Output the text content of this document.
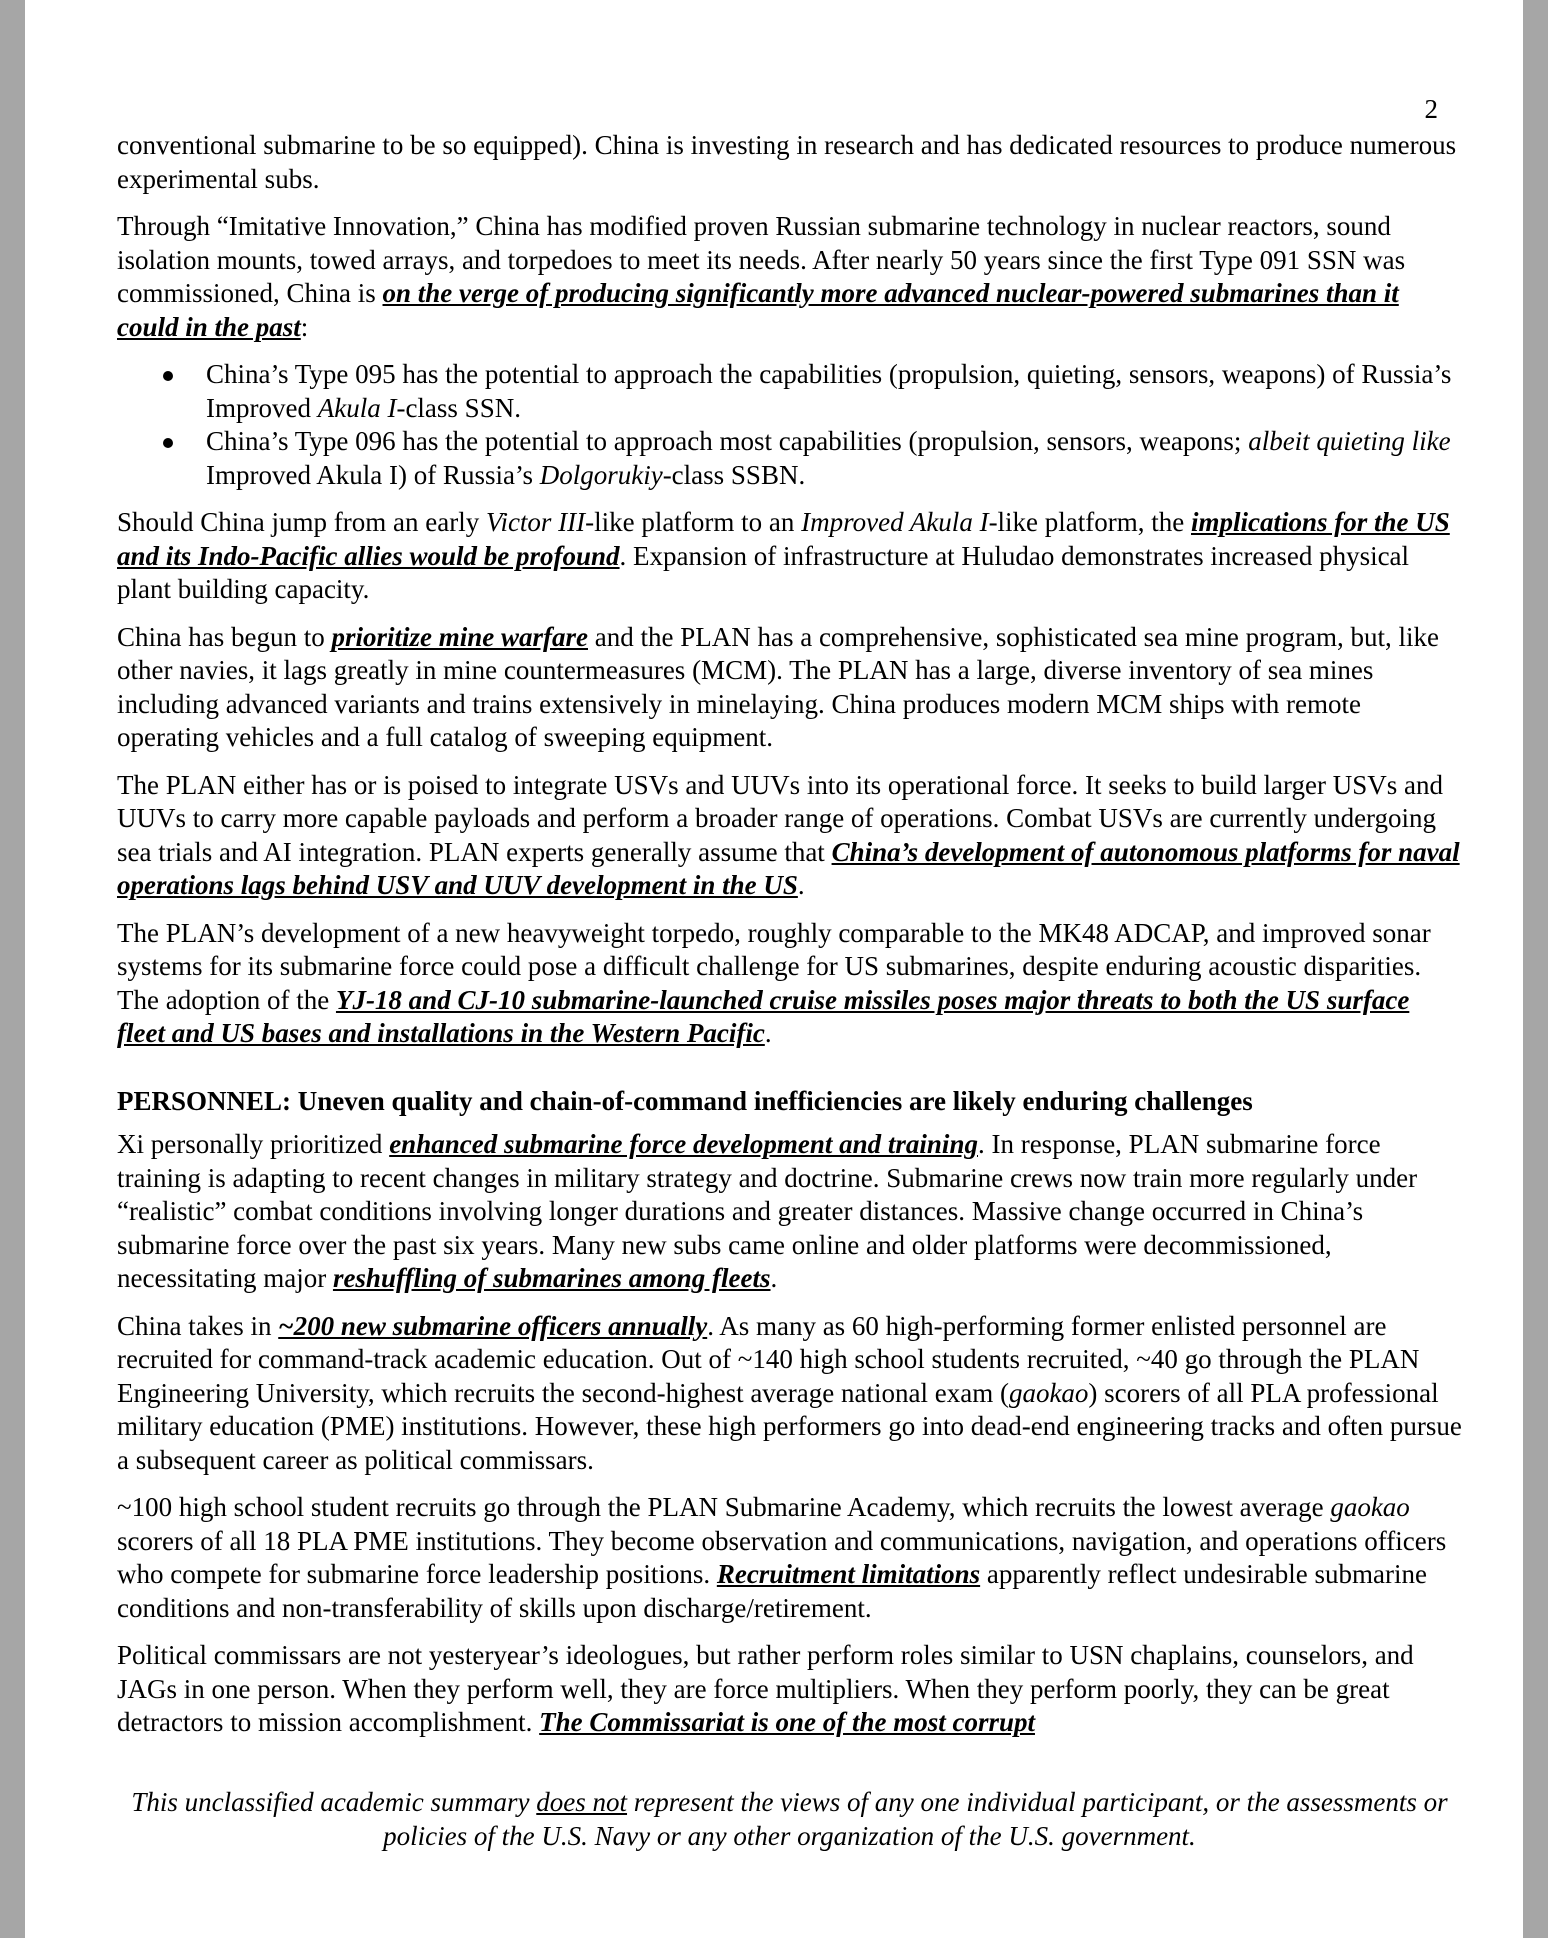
2

conventional submarine to be so equipped). China is investing in research and has dedicated resources to produce numerous experimental subs.

Through “Imitative Innovation,” China has modified proven Russian submarine technology in nuclear reactors, sound isolation mounts, towed arrays, and torpedoes to meet its needs. After nearly 50 years since the first Type 091 SSN was commissioned, China is on the verge of producing significantly more advanced nuclear-powered submarines than it could in the past:

China’s Type 095 has the potential to approach the capabilities (propulsion, quieting, sensors, weapons) of Russia’s Improved Akula I-class SSN.
China’s Type 096 has the potential to approach most capabilities (propulsion, sensors, weapons; albeit quieting like Improved Akula I) of Russia’s Dolgorukiy-class SSBN.

Should China jump from an early Victor III-like platform to an Improved Akula I-like platform, the implications for the US and its Indo-Pacific allies would be profound. Expansion of infrastructure at Huludao demonstrates increased physical plant building capacity.

China has begun to prioritize mine warfare and the PLAN has a comprehensive, sophisticated sea mine program, but, like other navies, it lags greatly in mine countermeasures (MCM). The PLAN has a large, diverse inventory of sea mines including advanced variants and trains extensively in minelaying. China produces modern MCM ships with remote operating vehicles and a full catalog of sweeping equipment.

The PLAN either has or is poised to integrate USVs and UUVs into its operational force. It seeks to build larger USVs and UUVs to carry more capable payloads and perform a broader range of operations. Combat USVs are currently undergoing sea trials and AI integration. PLAN experts generally assume that China’s development of autonomous platforms for naval operations lags behind USV and UUV development in the US.

The PLAN’s development of a new heavyweight torpedo, roughly comparable to the MK48 ADCAP, and improved sonar systems for its submarine force could pose a difficult challenge for US submarines, despite enduring acoustic disparities. The adoption of the YJ-18 and CJ-10 submarine-launched cruise missiles poses major threats to both the US surface fleet and US bases and installations in the Western Pacific.

PERSONNEL: Uneven quality and chain-of-command inefficiencies are likely enduring challenges

Xi personally prioritized enhanced submarine force development and training. In response, PLAN submarine force training is adapting to recent changes in military strategy and doctrine. Submarine crews now train more regularly under “realistic” combat conditions involving longer durations and greater distances. Massive change occurred in China’s submarine force over the past six years. Many new subs came online and older platforms were decommissioned, necessitating major reshuffling of submarines among fleets.

China takes in ~200 new submarine officers annually. As many as 60 high-performing former enlisted personnel are recruited for command-track academic education. Out of ~140 high school students recruited, ~40 go through the PLAN Engineering University, which recruits the second-highest average national exam (gaokao) scorers of all PLA professional military education (PME) institutions. However, these high performers go into dead-end engineering tracks and often pursue a subsequent career as political commissars.

~100 high school student recruits go through the PLAN Submarine Academy, which recruits the lowest average gaokao scorers of all 18 PLA PME institutions. They become observation and communications, navigation, and operations officers who compete for submarine force leadership positions. Recruitment limitations apparently reflect undesirable submarine conditions and non-transferability of skills upon discharge/retirement.

Political commissars are not yesteryear’s ideologues, but rather perform roles similar to USN chaplains, counselors, and JAGs in one person. When they perform well, they are force multipliers. When they perform poorly, they can be great detractors to mission accomplishment. The Commissariat is one of the most corrupt

This unclassified academic summary does not represent the views of any one individual participant, or the assessments or policies of the U.S. Navy or any other organization of the U.S. government.
